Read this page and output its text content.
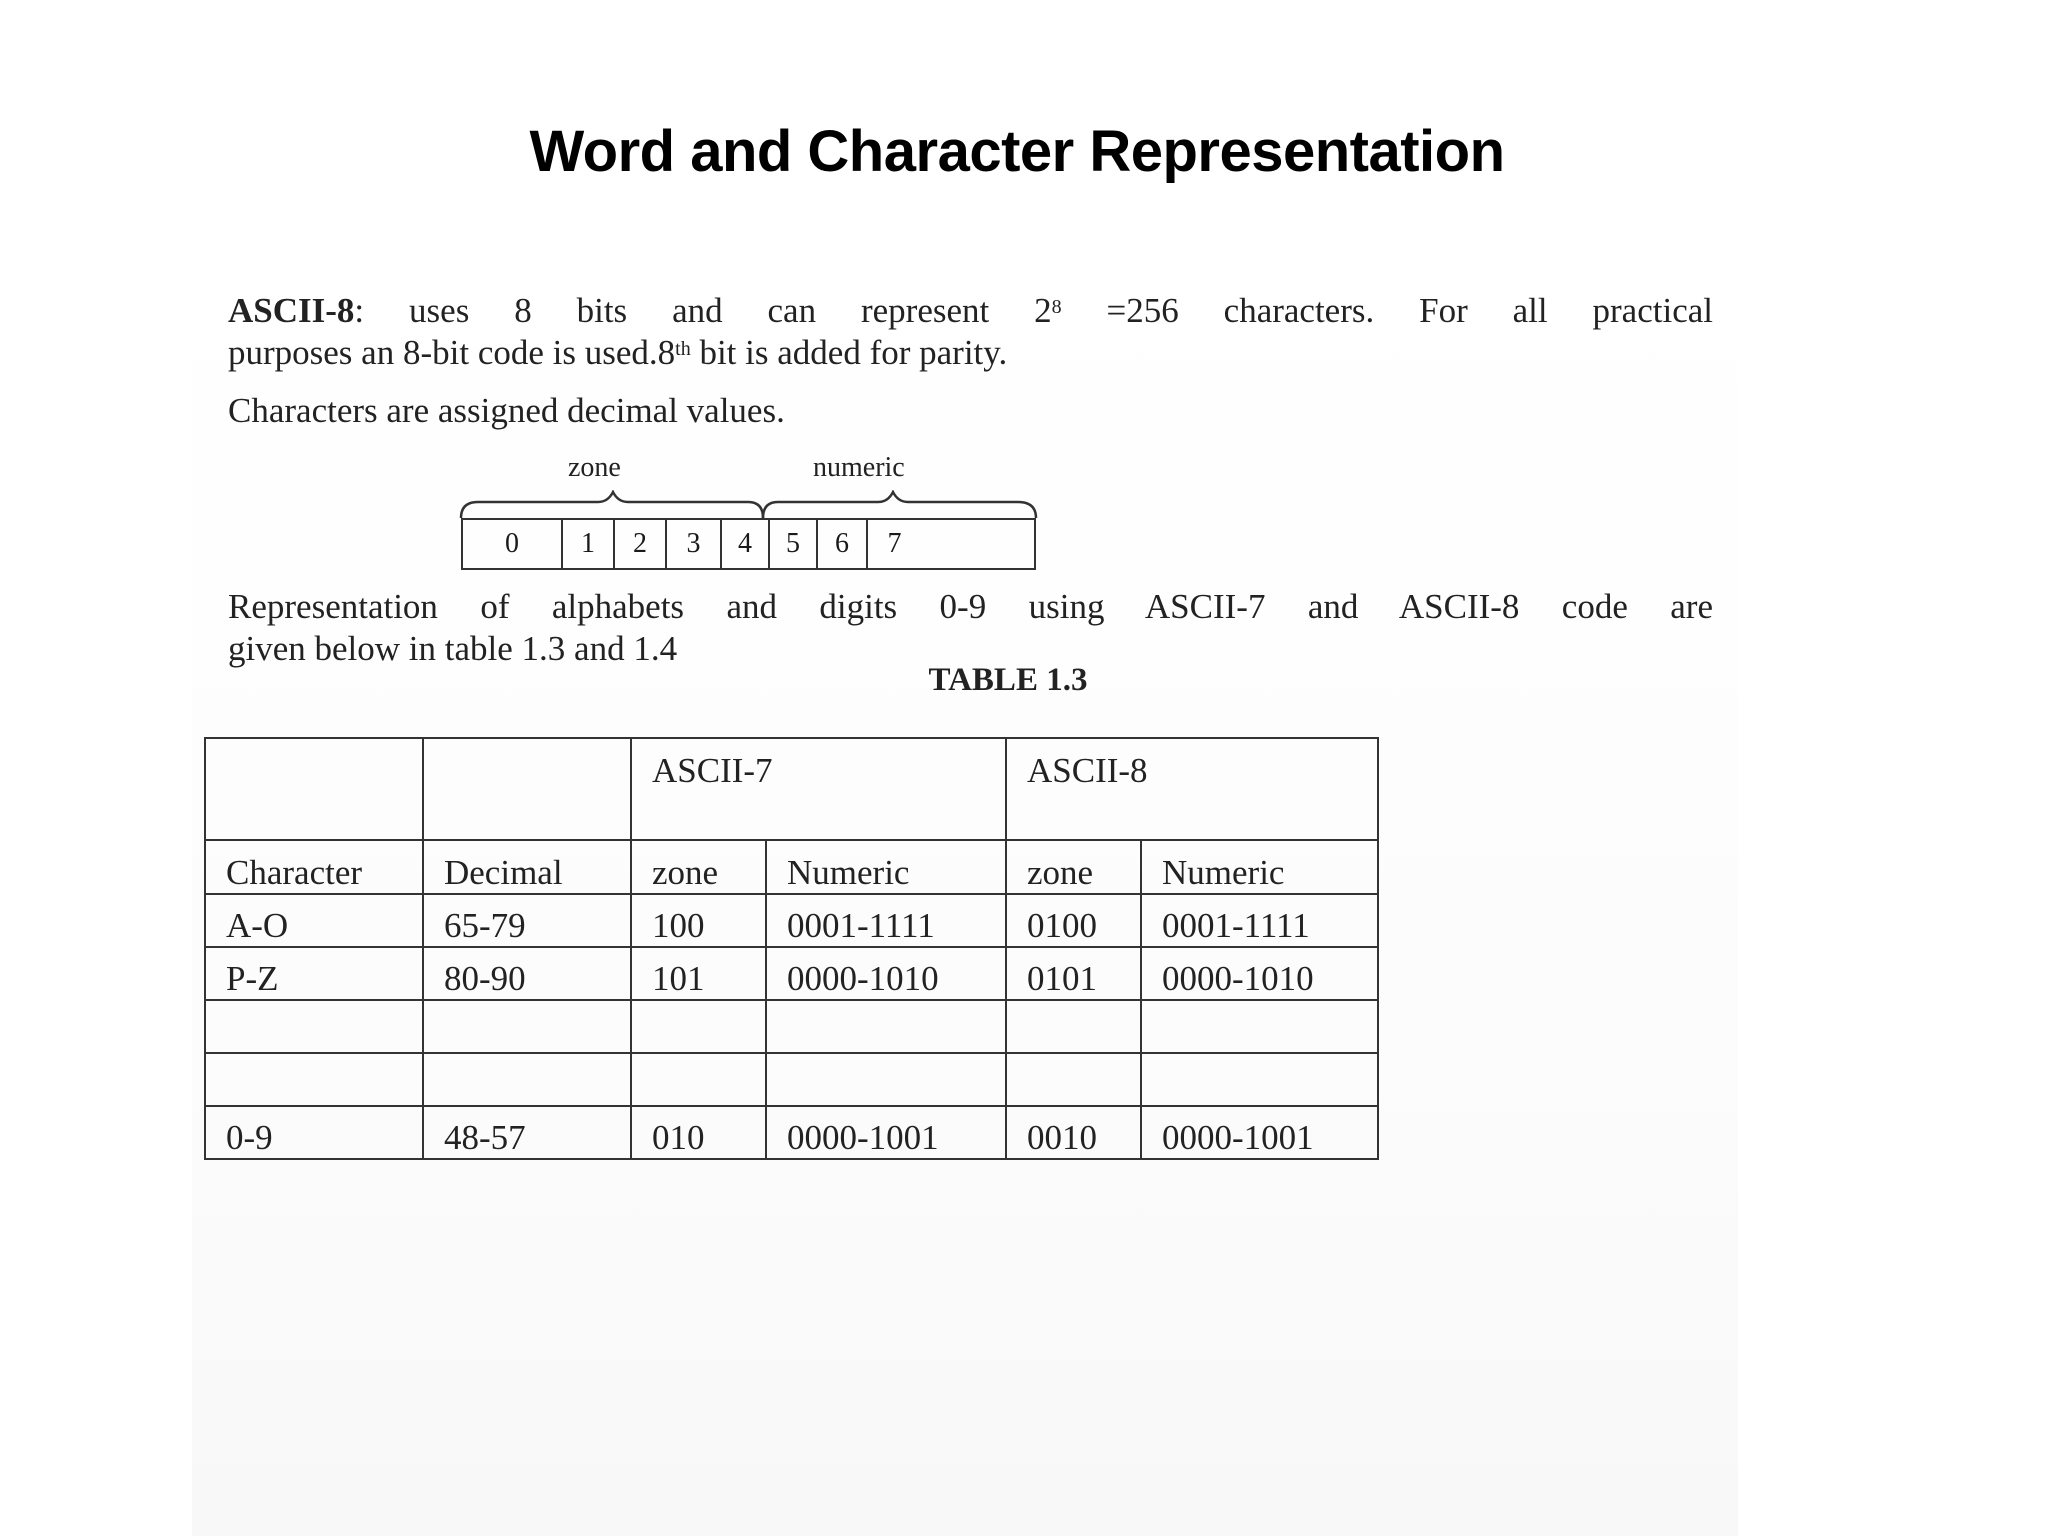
Word and Character Representation
ASCII-8: uses 8 bits and can represent $2^8 =256$ characters. For all practical
purposes an 8-bit code is used.8th bit is added for parity.
Characters are assigned decimal values.
zone	numeric
0	1	2	3	4	5	6	7
Representation of alphabets and digits 0-9 using ASCII-7 and ASCII-8 code are
given below in table 1.3 and 1.4
TABLE 1.3
		ASCII-7		ASCII-8	
Character	Decimal	zone	Numeric	zone	Numeric
A-O	65-79	100	0001-1111	0100	0001-1111
P-Z	80-90	101	0000-1010	0101	0000-1010

0-9	48-57	010	0000-1001	0010	0000-1001
